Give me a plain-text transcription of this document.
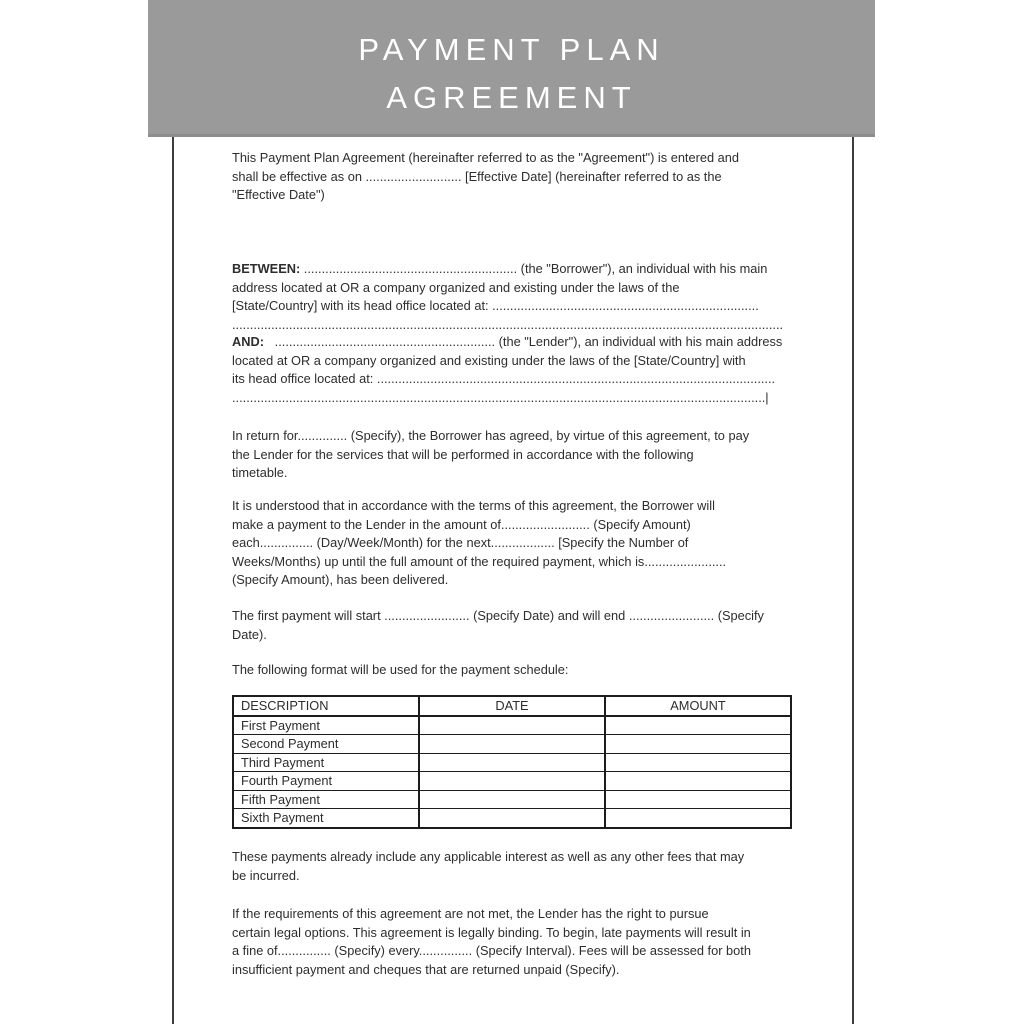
PAYMENT PLAN
AGREEMENT
This Payment Plan Agreement (hereinafter referred to as the "Agreement") is entered and
shall be effective as on ........................... [Effective Date] (hereinafter referred to as the
"Effective Date")
BETWEEN: ............................................................ (the "Borrower"), an individual with his main
address located at OR a company organized and existing under the laws of the
[State/Country] with its head office located at: ...........................................................................
...........................................................................................................................................................
AND:   .............................................................. (the "Lender"), an individual with his main address
located at OR a company organized and existing under the laws of the [State/Country] with
its head office located at: ................................................................................................................
......................................................................................................................................................|
In return for.............. (Specify), the Borrower has agreed, by virtue of this agreement, to pay
the Lender for the services that will be performed in accordance with the following
timetable.
It is understood that in accordance with the terms of this agreement, the Borrower will
make a payment to the Lender in the amount of......................... (Specify Amount)
each............... (Day/Week/Month) for the next.................. [Specify the Number of
Weeks/Months) up until the full amount of the required payment, which is.......................
(Specify Amount), has been delivered.
The first payment will start ........................ (Specify Date) and will end ........................ (Specify
Date).
The following format will be used for the payment schedule:
DESCRIPTION	DATE	AMOUNT
First Payment		
Second Payment		
Third Payment		
Fourth Payment		
Fifth Payment		
Sixth Payment		
These payments already include any applicable interest as well as any other fees that may
be incurred.
If the requirements of this agreement are not met, the Lender has the right to pursue
certain legal options. This agreement is legally binding. To begin, late payments will result in
a fine of............... (Specify) every............... (Specify Interval). Fees will be assessed for both
insufficient payment and cheques that are returned unpaid (Specify).
